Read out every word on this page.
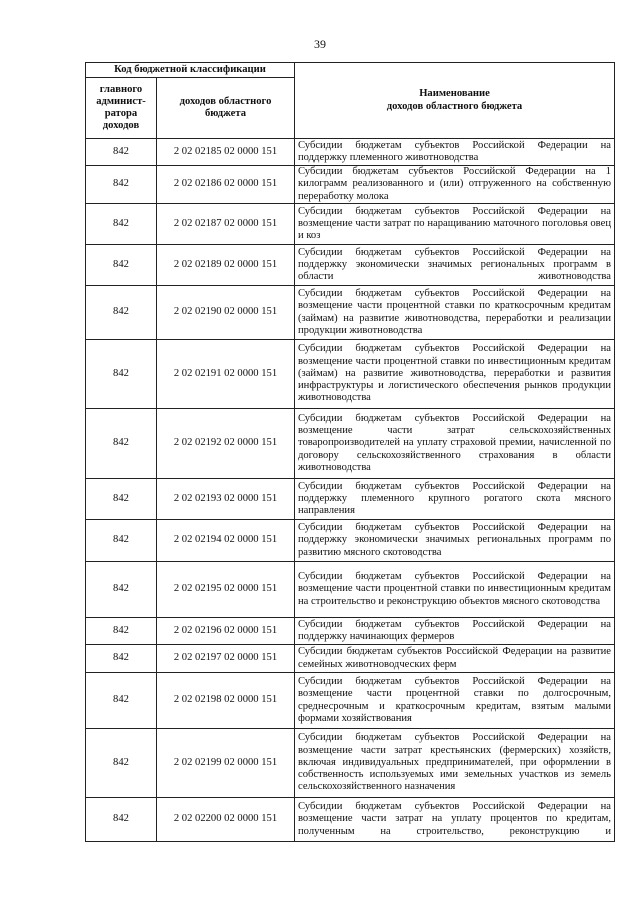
39
Код бюджетной классификации		Наименование
доходов областного бюджета

главного админист-ратора доходов	доходов областного бюджета	
842	2 02 02185 02 0000 151	Субсидии бюджетам субъектов Российской Федерации на поддержку племенного животноводства
842	2 02 02186 02 0000 151	Субсидии бюджетам субъектов Российской Федерации на 1 килограмм реализованного и (или) отгруженного на собственную переработку молока
842	2 02 02187 02 0000 151	Субсидии бюджетам субъектов Российской Федерации на возмещение части затрат по наращиванию маточного поголовья овец и коз
842	2 02 02189 02 0000 151	Субсидии бюджетам субъектов Российской Федерации на поддержку экономически значимых региональных программ в области животноводства
842	2 02 02190 02 0000 151	Субсидии бюджетам субъектов Российской Федерации на возмещение части процентной ставки по краткосрочным кредитам (займам) на развитие животноводства, переработки и реализации продукции животноводства
842	2 02 02191 02 0000 151	Субсидии бюджетам субъектов Российской Федерации на возмещение части процентной ставки по инвестиционным кредитам (займам) на развитие животноводства, переработки и развития инфраструктуры и логистического обеспечения рынков продукции животноводства
842	2 02 02192 02 0000 151	Субсидии бюджетам субъектов Российской Федерации на возмещение части затрат сельскохозяйственных товаропроизводителей на уплату страховой премии, начисленной по договору сельскохозяйственного страхования в области животноводства
842	2 02 02193 02 0000 151	Субсидии бюджетам субъектов Российской Федерации на поддержку племенного крупного рогатого скота мясного направления
842	2 02 02194 02 0000 151	Субсидии бюджетам субъектов Российской Федерации на поддержку экономически значимых региональных программ по развитию мясного скотоводства
842	2 02 02195 02 0000 151	Субсидии бюджетам субъектов Российской Федерации на возмещение части процентной ставки по инвестиционным кредитам на строительство и реконструкцию объектов мясного скотоводства
842	2 02 02196 02 0000 151	Субсидии бюджетам субъектов Российской Федерации на поддержку начинающих фермеров
842	2 02 02197 02 0000 151	Субсидии бюджетам субъектов Российской Федерации на развитие семейных животноводческих ферм
842	2 02 02198 02 0000 151	Субсидии бюджетам субъектов Российской Федерации на возмещение части процентной ставки по долгосрочным, среднесрочным и краткосрочным кредитам, взятым малыми формами хозяйствования
842	2 02 02199 02 0000 151	Субсидии бюджетам субъектов Российской Федерации на возмещение части затрат крестьянских (фермерских) хозяйств, включая индивидуальных предпринимателей, при оформлении в собственность используемых ими земельных участков из земель сельскохозяйственного назначения
842	2 02 02200 02 0000 151	Субсидии бюджетам субъектов Российской Федерации на возмещение части затрат на уплату процентов по кредитам, полученным на строительство, реконструкцию и
